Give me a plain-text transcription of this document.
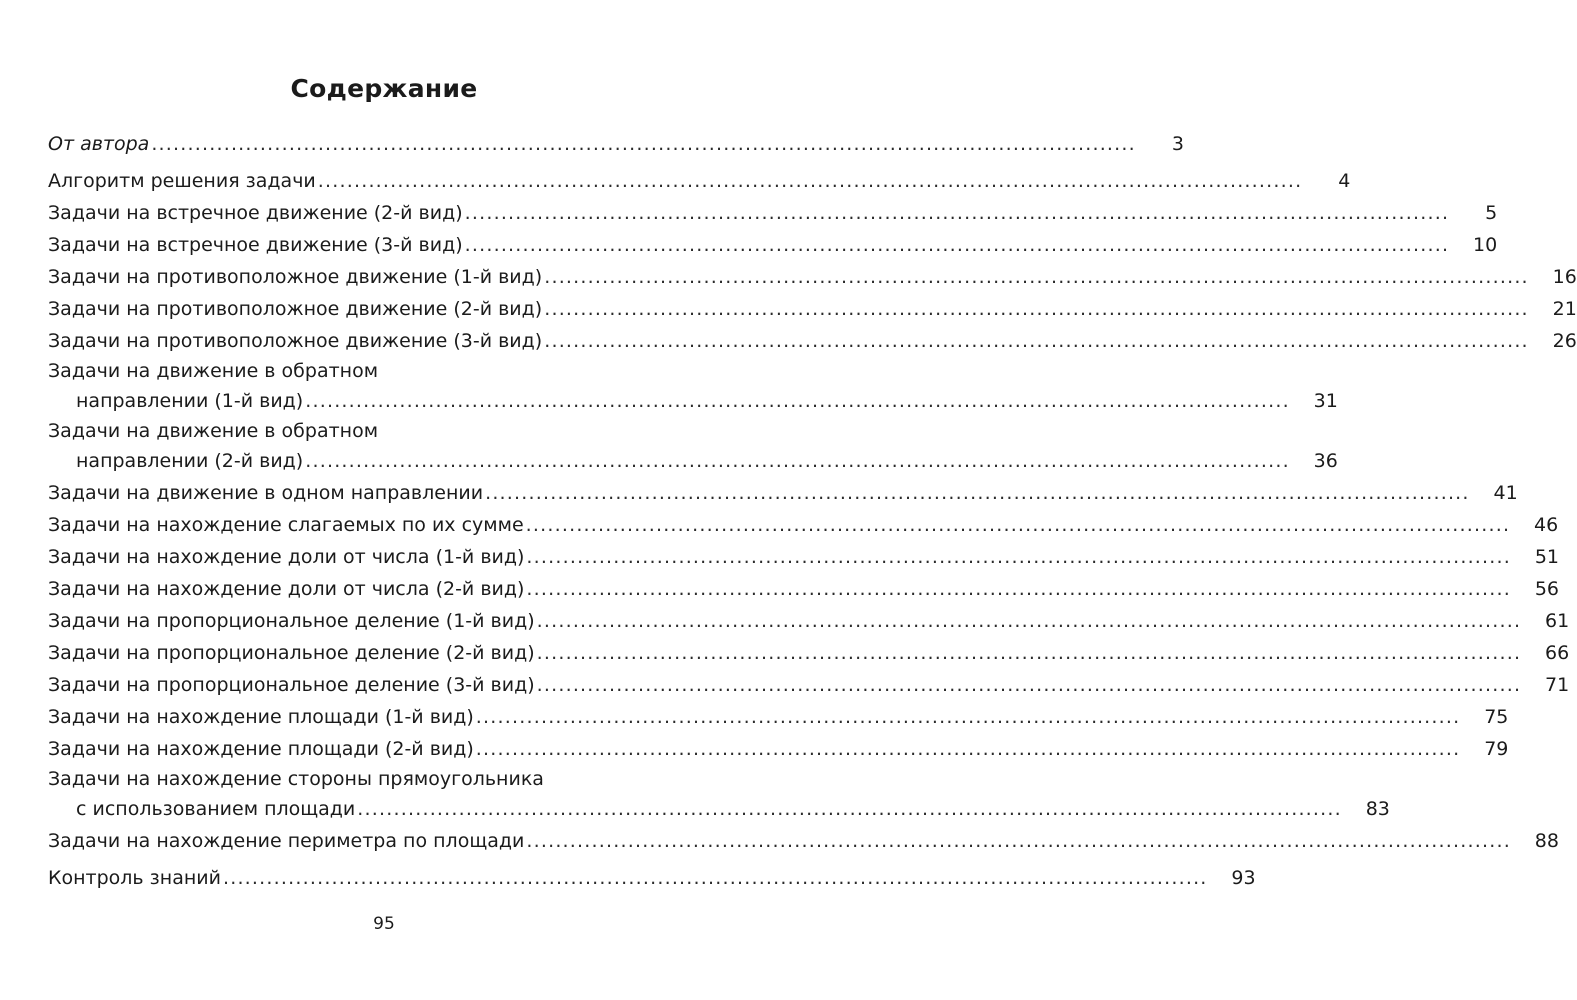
Содержание
От автора ........................................................................................................................................	3
Алгоритм решения задачи ........................................................................................................................................	4
Задачи на встречное движение (2-й вид) ........................................................................................................................................	5
Задачи на встречное движение (3-й вид) ........................................................................................................................................	10
Задачи на противоположное движение (1-й вид) ........................................................................................................................................	16
Задачи на противоположное движение (2-й вид) ........................................................................................................................................	21
Задачи на противоположное движение (3-й вид) ........................................................................................................................................	26
Задачи на движение в обратном
направлении (1-й вид) ........................................................................................................................................	31
Задачи на движение в обратном
направлении (2-й вид) ........................................................................................................................................	36
Задачи на движение в одном направлении ........................................................................................................................................	41
Задачи на нахождение слагаемых по их сумме ........................................................................................................................................	46
Задачи на нахождение доли от числа (1-й вид) ........................................................................................................................................	51
Задачи на нахождение доли от числа (2-й вид) ........................................................................................................................................	56
Задачи на пропорциональное деление (1-й вид) ........................................................................................................................................	61
Задачи на пропорциональное деление (2-й вид) ........................................................................................................................................	66
Задачи на пропорциональное деление (3-й вид) ........................................................................................................................................	71
Задачи на нахождение площади (1-й вид) ........................................................................................................................................	75
Задачи на нахождение площади (2-й вид) ........................................................................................................................................	79
Задачи на нахождение стороны прямоугольника
с использованием площади ........................................................................................................................................	83
Задачи на нахождение периметра по площади ........................................................................................................................................	88
Контроль знаний ........................................................................................................................................	93
95
